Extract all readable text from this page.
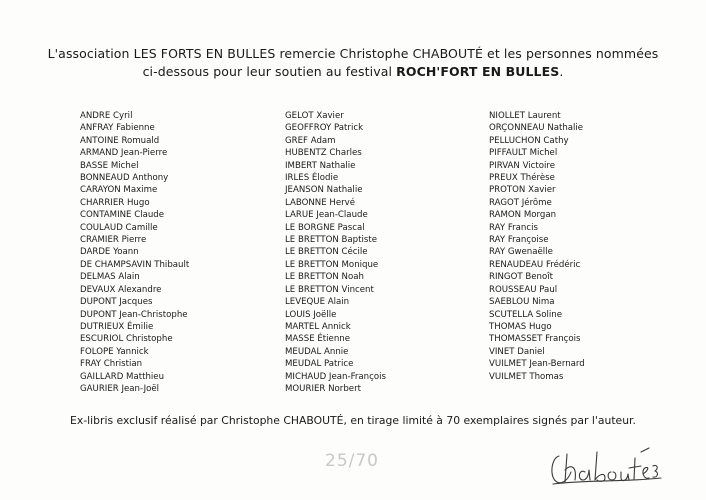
L'association LES FORTS EN BULLES remercie Christophe CHABOUTÉ et les personnes nommées
ci-dessous pour leur soutien au festival ROCH'FORT EN BULLES.
ANDRE Cyril
ANFRAY Fabienne
ANTOINE Romuald
ARMAND Jean-Pierre
BASSE Michel
BONNEAUD Anthony
CARAYON Maxime
CHARRIER Hugo
CONTAMINE Claude
COULAUD Camille
CRAMIER Pierre
DARDE Yoann
DE CHAMPSAVIN Thibault
DELMAS Alain
DEVAUX Alexandre
DUPONT Jacques
DUPONT Jean-Christophe
DUTRIEUX Émilie
ESCURIOL Christophe
FOLOPE Yannick
FRAY Christian
GAILLARD Matthieu
GAURIER Jean-Joël
GELOT Xavier
GEOFFROY Patrick
GREF Adam
HUBENTZ Charles
IMBERT Nathalie
IRLES Élodie
JEANSON Nathalie
LABONNE Hervé
LARUE Jean-Claude
LE BORGNE Pascal
LE BRETTON Baptiste
LE BRETTON Cécile
LE BRETTON Monique
LE BRETTON Noah
LE BRETTON Vincent
LEVEQUE Alain
LOUIS Joëlle
MARTEL Annick
MASSE Étienne
MEUDAL Annie
MEUDAL Patrice
MICHAUD Jean-François
MOURIER Norbert
NIOLLET Laurent
ORÇONNEAU Nathalie
PELLUCHON Cathy
PIFFAULT Michel
PIRVAN Victoire
PREUX Thérèse
PROTON Xavier
RAGOT Jérôme
RAMON Morgan
RAY Francis
RAY Françoise
RAY Gwenaëlle
RENAUDEAU Frédéric
RINGOT Benoît
ROUSSEAU Paul
SAEBLOU Nima
SCUTELLA Soline
THOMAS Hugo
THOMASSET François
VINET Daniel
VUILMET Jean-Bernard
VUILMET Thomas
Ex-libris exclusif réalisé par Christophe CHABOUTÉ, en tirage limité à 70 exemplaires signés par l'auteur.
25/70
